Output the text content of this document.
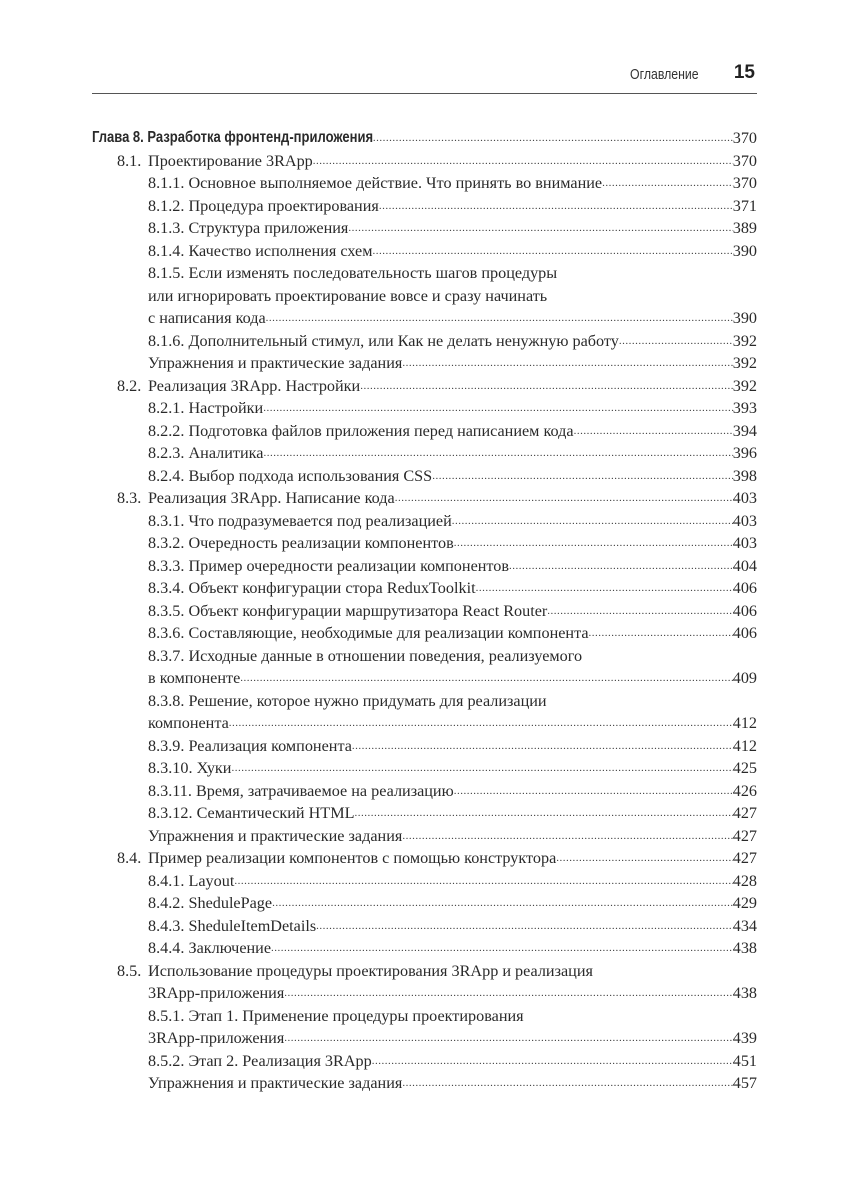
Оглавление 15
Глава 8. Разработка фронтенд-приложения .....	370
8.1. Проектирование 3RApp .....	370
8.1.1. Основное выполняемое действие. Что принять во внимание .....	370
8.1.2. Процедура проектирования .....	371
8.1.3. Структура приложения .....	389
8.1.4. Качество исполнения схем .....	390
8.1.5. Если изменять последовательность шагов процедуры
или игнорировать проектирование вовсе и сразу начинать
с написания кода .....	390
8.1.6. Дополнительный стимул, или Как не делать ненужную работу .....	392
Упражнения и практические задания .....	392
8.2. Реализация 3RApp. Настройки .....	392
8.2.1. Настройки .....	393
8.2.2. Подготовка файлов приложения перед написанием кода .....	394
8.2.3. Аналитика .....	396
8.2.4. Выбор подхода использования CSS .....	398
8.3. Реализация 3RApp. Написание кода .....	403
8.3.1. Что подразумевается под реализацией .....	403
8.3.2. Очередность реализации компонентов .....	403
8.3.3. Пример очередности реализации компонентов .....	404
8.3.4. Объект конфигурации стора ReduxToolkit .....	406
8.3.5. Объект конфигурации маршрутизатора React Router .....	406
8.3.6. Составляющие, необходимые для реализации компонента .....	406
8.3.7. Исходные данные в отношении поведения, реализуемого
в компоненте .....	409
8.3.8. Решение, которое нужно придумать для реализации
компонента .....	412
8.3.9. Реализация компонента .....	412
8.3.10. Хуки .....	425
8.3.11. Время, затрачиваемое на реализацию .....	426
8.3.12. Семантический HTML .....	427
Упражнения и практические задания .....	427
8.4. Пример реализации компонентов с помощью конструктора .....	427
8.4.1. Layout .....	428
8.4.2. ShedulePage .....	429
8.4.3. SheduleItemDetails .....	434
8.4.4. Заключение .....	438
8.5. Использование процедуры проектирования 3RApp и реализация
3RApp-приложения .....	438
8.5.1. Этап 1. Применение процедуры проектирования
3RApp-приложения .....	439
8.5.2. Этап 2. Реализация 3RApp .....	451
Упражнения и практические задания .....	457
